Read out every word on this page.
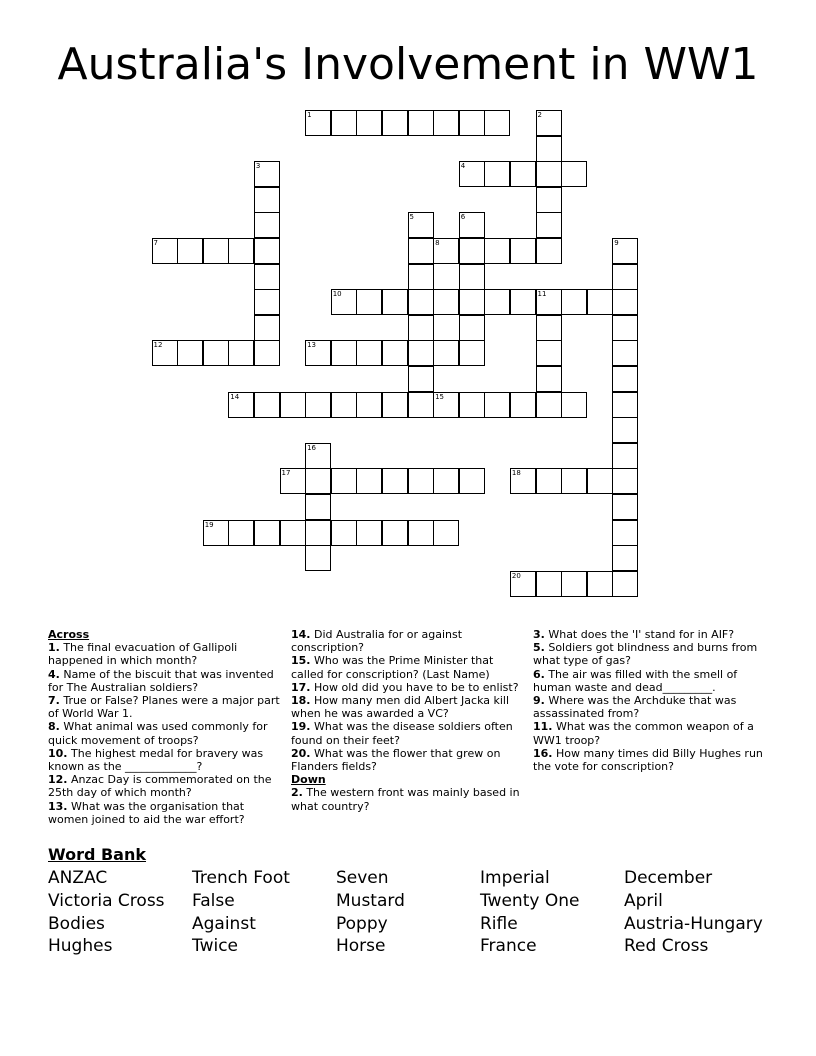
Australia's Involvement in WW1
1	2
4
3
7
5	6
8	9
10	11
12	13
14	15
16
17	18
19
20
Across
1. The final evacuation of Gallipoli happened in which month?
4. Name of the biscuit that was invented for The Australian soldiers?
7. True or False? Planes were a major part of World War 1.
8. What animal was used commonly for quick movement of troops?
10. The highest medal for bravery was known as the _____________?
12. Anzac Day is commemorated on the 25th day of which month?
13. What was the organisation that women joined to aid the war effort?
14. Did Australia for or against conscription?
15. Who was the Prime Minister that called for conscription? (Last Name)
17. How old did you have to be to enlist?
18. How many men did Albert Jacka kill when he was awarded a VC?
19. What was the disease soldiers often found on their feet?
20. What was the flower that grew on Flanders fields?
Down
2. The western front was mainly based in what country?
3. What does the 'I' stand for in AIF?
5. Soldiers got blindness and burns from what type of gas?
6. The air was filled with the smell of human waste and dead_________.
9. Where was the Archduke that was assassinated from?
11. What was the common weapon of a WW1 troop?
16. How many times did Billy Hughes run the vote for conscription?
Word Bank
ANZAC	Trench Foot	Seven	Imperial	December
Victoria Cross	False	Mustard	Twenty One	April
Bodies	Against	Poppy	Rifle	Austria-Hungary
Hughes	Twice	Horse	France	Red Cross
